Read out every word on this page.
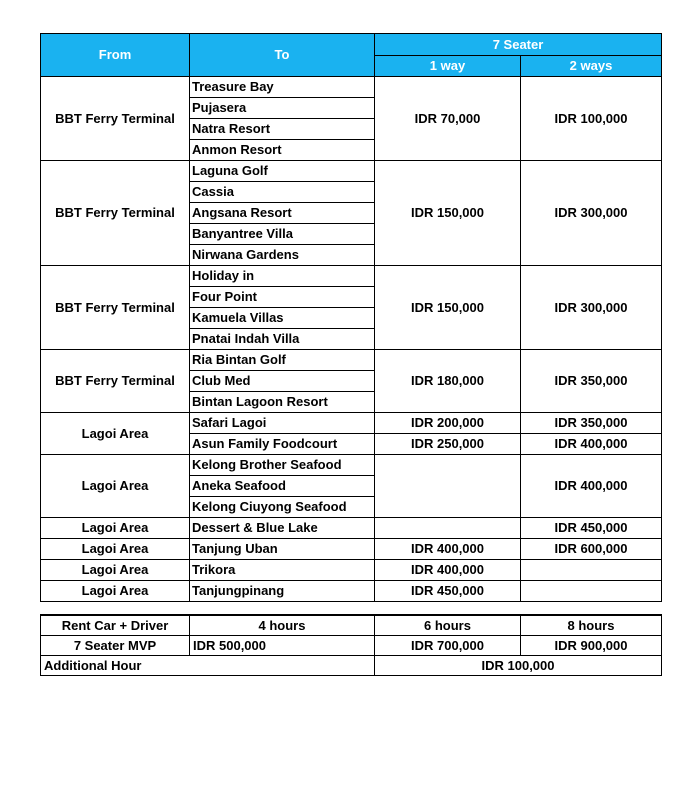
From	To	7 Seater	
		1 way	2 ways
BBT Ferry Terminal	Treasure Bay	IDR 70,000	IDR 100,000
	Pujasera		
	Natra Resort		
	Anmon Resort		
BBT Ferry Terminal	Laguna Golf	IDR 150,000	IDR 300,000
	Cassia		
	Angsana Resort		
	Banyantree Villa		
	Nirwana Gardens		
BBT Ferry Terminal	Holiday in	IDR 150,000	IDR 300,000
	Four Point		
	Kamuela Villas		
	Pnatai Indah Villa		
BBT Ferry Terminal	Ria Bintan Golf	IDR 180,000	IDR 350,000
	Club Med		
	Bintan Lagoon Resort		
Lagoi Area	Safari Lagoi	IDR 200,000	IDR 350,000
	Asun Family Foodcourt	IDR 250,000	IDR 400,000
Lagoi Area	Kelong Brother Seafood		IDR 400,000
	Aneka Seafood		
	Kelong Ciuyong Seafood		
Lagoi Area	Dessert & Blue Lake		IDR 450,000
Lagoi Area	Tanjung Uban	IDR 400,000	IDR 600,000
Lagoi Area	Trikora	IDR 400,000	
Lagoi Area	Tanjungpinang	IDR 450,000	
Rent Car + Driver	4 hours	6 hours	8 hours
7 Seater MVP	IDR 500,000	IDR 700,000	IDR 900,000
Additional Hour		IDR 100,000	
